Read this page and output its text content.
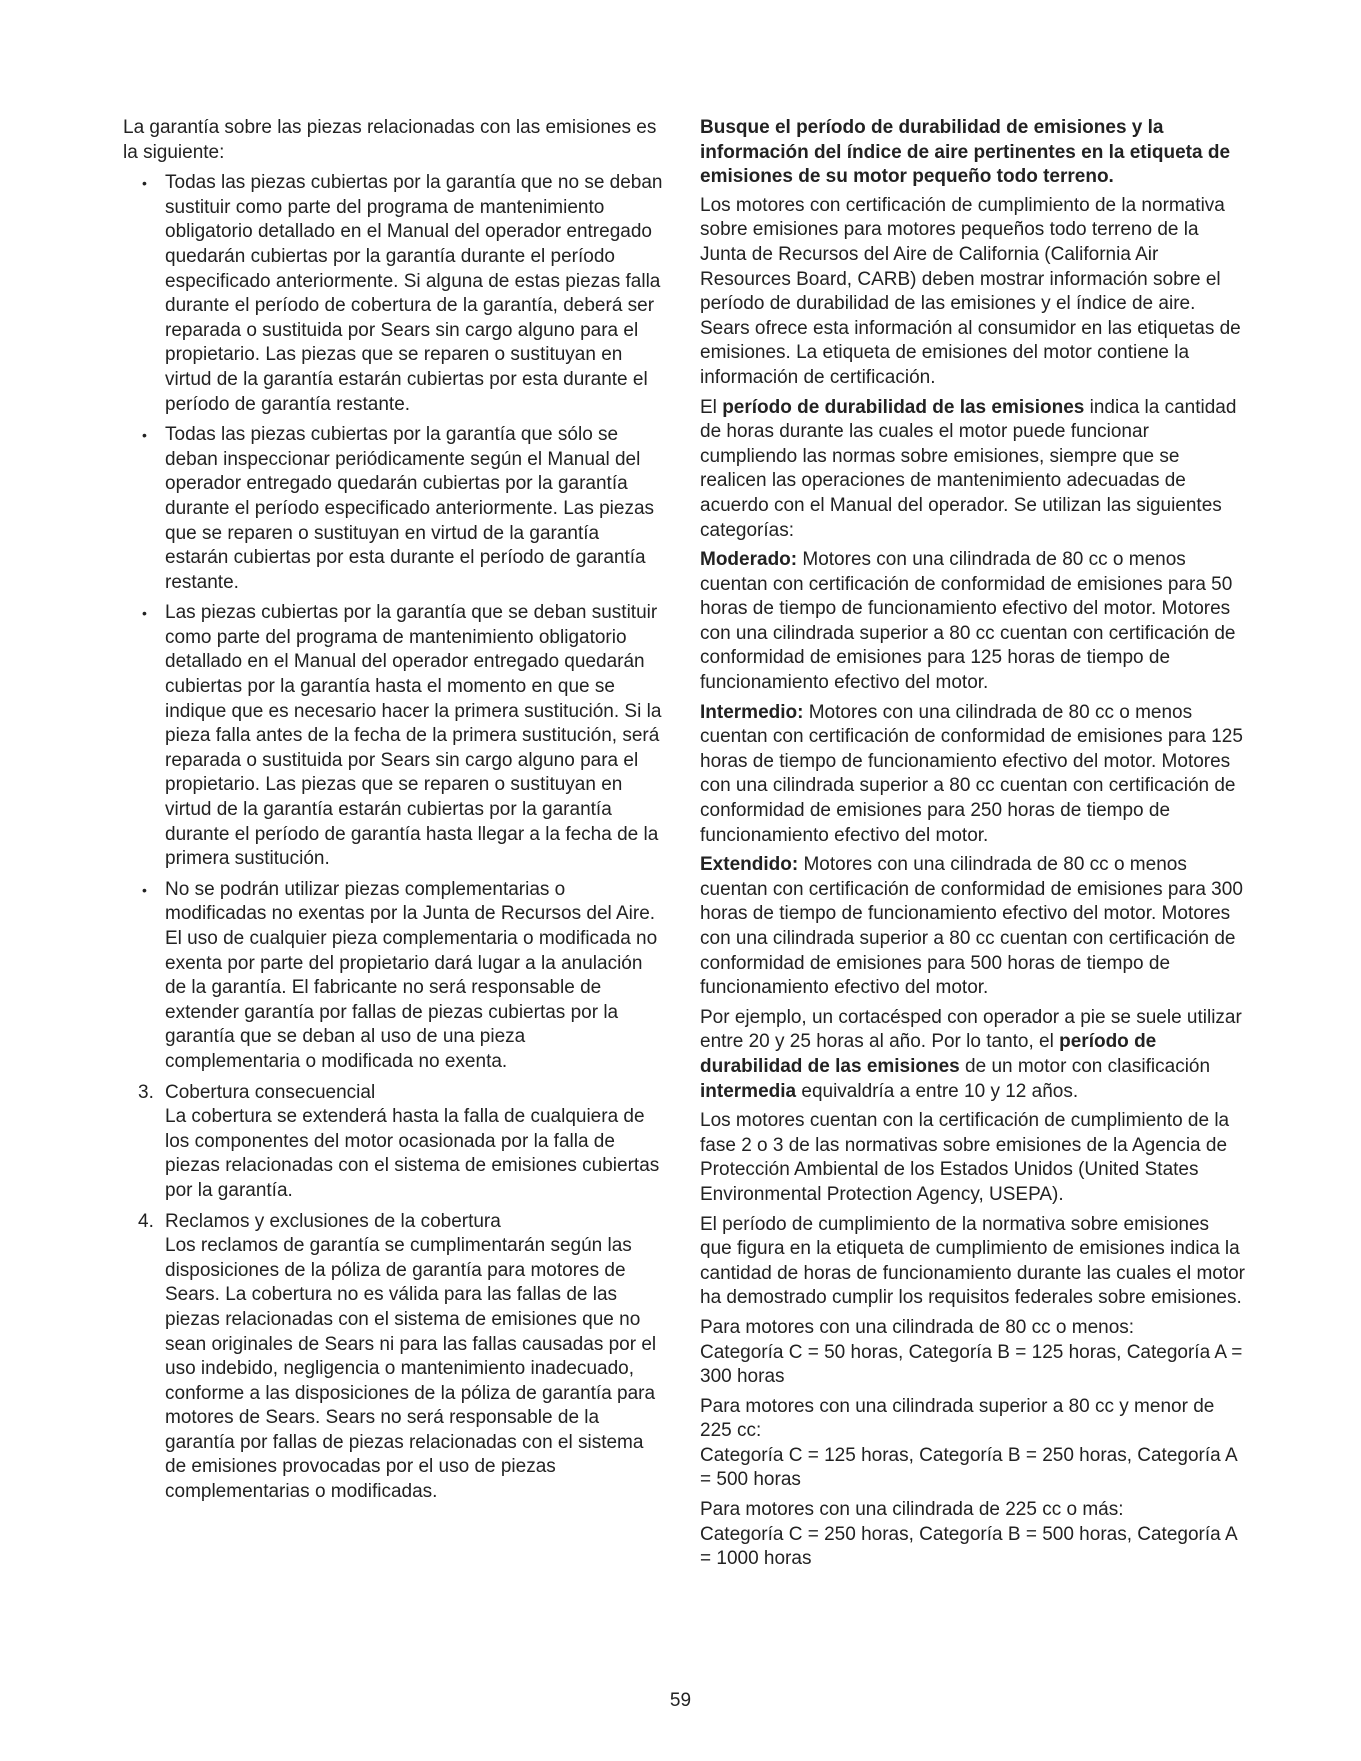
La garantía sobre las piezas relacionadas con las emisiones es la siguiente:

• Todas las piezas cubiertas por la garantía que no se deban sustituir como parte del programa de mantenimiento obligatorio detallado en el Manual del operador entregado quedarán cubiertas por la garantía durante el período especificado anteriormente. Si alguna de estas piezas falla durante el período de cobertura de la garantía, deberá ser reparada o sustituida por Sears sin cargo alguno para el propietario. Las piezas que se reparen o sustituyan en virtud de la garantía estarán cubiertas por esta durante el período de garantía restante.
• Todas las piezas cubiertas por la garantía que sólo se deban inspeccionar periódicamente según el Manual del operador entregado quedarán cubiertas por la garantía durante el período especificado anteriormente. Las piezas que se reparen o sustituyan en virtud de la garantía estarán cubiertas por esta durante el período de garantía restante.
• Las piezas cubiertas por la garantía que se deban sustituir como parte del programa de mantenimiento obligatorio detallado en el Manual del operador entregado quedarán cubiertas por la garantía hasta el momento en que se indique que es necesario hacer la primera sustitución. Si la pieza falla antes de la fecha de la primera sustitución, será reparada o sustituida por Sears sin cargo alguno para el propietario. Las piezas que se reparen o sustituyan en virtud de la garantía estarán cubiertas por la garantía durante el período de garantía hasta llegar a la fecha de la primera sustitución.
• No se podrán utilizar piezas complementarias o modificadas no exentas por la Junta de Recursos del Aire. El uso de cualquier pieza complementaria o modificada no exenta por parte del propietario dará lugar a la anulación de la garantía. El fabricante no será responsable de extender garantía por fallas de piezas cubiertas por la garantía que se deban al uso de una pieza complementaria o modificada no exenta.
3. Cobertura consecuencial
La cobertura se extenderá hasta la falla de cualquiera de los componentes del motor ocasionada por la falla de piezas relacionadas con el sistema de emisiones cubiertas por la garantía.
4. Reclamos y exclusiones de la cobertura
Los reclamos de garantía se cumplimentarán según las disposiciones de la póliza de garantía para motores de Sears. La cobertura no es válida para las fallas de las piezas relacionadas con el sistema de emisiones que no sean originales de Sears ni para las fallas causadas por el uso indebido, negligencia o mantenimiento inadecuado, conforme a las disposiciones de la póliza de garantía para motores de Sears. Sears no será responsable de la garantía por fallas de piezas relacionadas con el sistema de emisiones provocadas por el uso de piezas complementarias o modificadas.

Busque el período de durabilidad de emisiones y la información del índice de aire pertinentes en la etiqueta de emisiones de su motor pequeño todo terreno.

Los motores con certificación de cumplimiento de la normativa sobre emisiones para motores pequeños todo terreno de la Junta de Recursos del Aire de California (California Air Resources Board, CARB) deben mostrar información sobre el período de durabilidad de las emisiones y el índice de aire. Sears ofrece esta información al consumidor en las etiquetas de emisiones. La etiqueta de emisiones del motor contiene la información de certificación.

El período de durabilidad de las emisiones indica la cantidad de horas durante las cuales el motor puede funcionar cumpliendo las normas sobre emisiones, siempre que se realicen las operaciones de mantenimiento adecuadas de acuerdo con el Manual del operador. Se utilizan las siguientes categorías:

Moderado: Motores con una cilindrada de 80 cc o menos cuentan con certificación de conformidad de emisiones para 50 horas de tiempo de funcionamiento efectivo del motor. Motores con una cilindrada superior a 80 cc cuentan con certificación de conformidad de emisiones para 125 horas de tiempo de funcionamiento efectivo del motor.

Intermedio: Motores con una cilindrada de 80 cc o menos cuentan con certificación de conformidad de emisiones para 125 horas de tiempo de funcionamiento efectivo del motor. Motores con una cilindrada superior a 80 cc cuentan con certificación de conformidad de emisiones para 250 horas de tiempo de funcionamiento efectivo del motor.

Extendido: Motores con una cilindrada de 80 cc o menos cuentan con certificación de conformidad de emisiones para 300 horas de tiempo de funcionamiento efectivo del motor. Motores con una cilindrada superior a 80 cc cuentan con certificación de conformidad de emisiones para 500 horas de tiempo de funcionamiento efectivo del motor.

Por ejemplo, un cortacésped con operador a pie se suele utilizar entre 20 y 25 horas al año. Por lo tanto, el período de durabilidad de las emisiones de un motor con clasificación intermedia equivaldría a entre 10 y 12 años.

Los motores cuentan con la certificación de cumplimiento de la fase 2 o 3 de las normativas sobre emisiones de la Agencia de Protección Ambiental de los Estados Unidos (United States Environmental Protection Agency, USEPA).

El período de cumplimiento de la normativa sobre emisiones que figura en la etiqueta de cumplimiento de emisiones indica la cantidad de horas de funcionamiento durante las cuales el motor ha demostrado cumplir los requisitos federales sobre emisiones.

Para motores con una cilindrada de 80 cc o menos:
Categoría C = 50 horas, Categoría B = 125 horas, Categoría A = 300 horas

Para motores con una cilindrada superior a 80 cc y menor de 225 cc:
Categoría C = 125 horas, Categoría B = 250 horas, Categoría A = 500 horas

Para motores con una cilindrada de 225 cc o más:
Categoría C = 250 horas, Categoría B = 500 horas, Categoría A = 1000 horas

59
